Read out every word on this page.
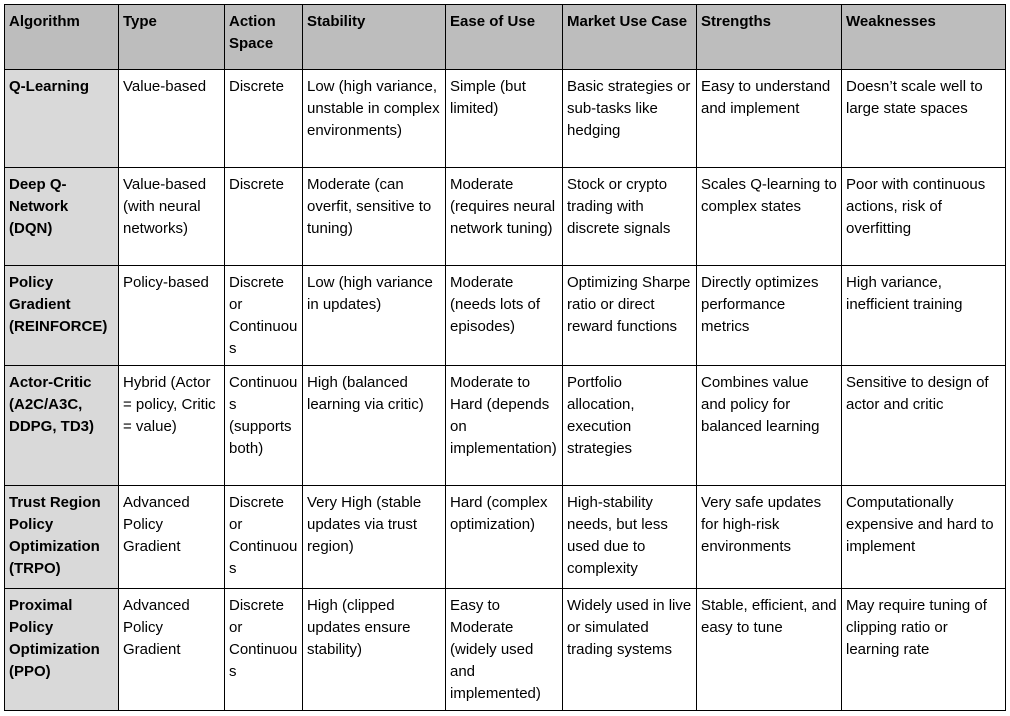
Algorithm	Type	Action Space	Stability	Ease of Use	Market Use Case	Strengths	Weaknesses
Q-Learning	Value-based	Discrete	Low (high variance, unstable in complex environments)	Simple (but limited)	Basic strategies or sub-tasks like hedging	Easy to understand and implement	Doesn’t scale well to large state spaces
Deep Q-Network (DQN)	Value-based (with neural networks)	Discrete	Moderate (can overfit, sensitive to tuning)	Moderate (requires neural network tuning)	Stock or crypto trading with discrete signals	Scales Q-learning to complex states	Poor with continuous actions, risk of overfitting
Policy Gradient (REINFORCE)	Policy-based	Discrete or Continuous	Low (high variance in updates)	Moderate (needs lots of episodes)	Optimizing Sharpe ratio or direct reward functions	Directly optimizes performance metrics	High variance, inefficient training
Actor-Critic (A2C/A3C, DDPG, TD3)	Hybrid (Actor = policy, Critic = value)	Continuous (supports both)	High (balanced learning via critic)	Moderate to Hard (depends on implementation)	Portfolio allocation, execution strategies	Combines value and policy for balanced learning	Sensitive to design of actor and critic
Trust Region Policy Optimization (TRPO)	Advanced Policy Gradient	Discrete or Continuous	Very High (stable updates via trust region)	Hard (complex optimization)	High-stability needs, but less used due to complexity	Very safe updates for high-risk environments	Computationally expensive and hard to implement
Proximal Policy Optimization (PPO)	Advanced Policy Gradient	Discrete or Continuous	High (clipped updates ensure stability)	Easy to Moderate (widely used and implemented)	Widely used in live or simulated trading systems	Stable, efficient, and easy to tune	May require tuning of clipping ratio or learning rate
